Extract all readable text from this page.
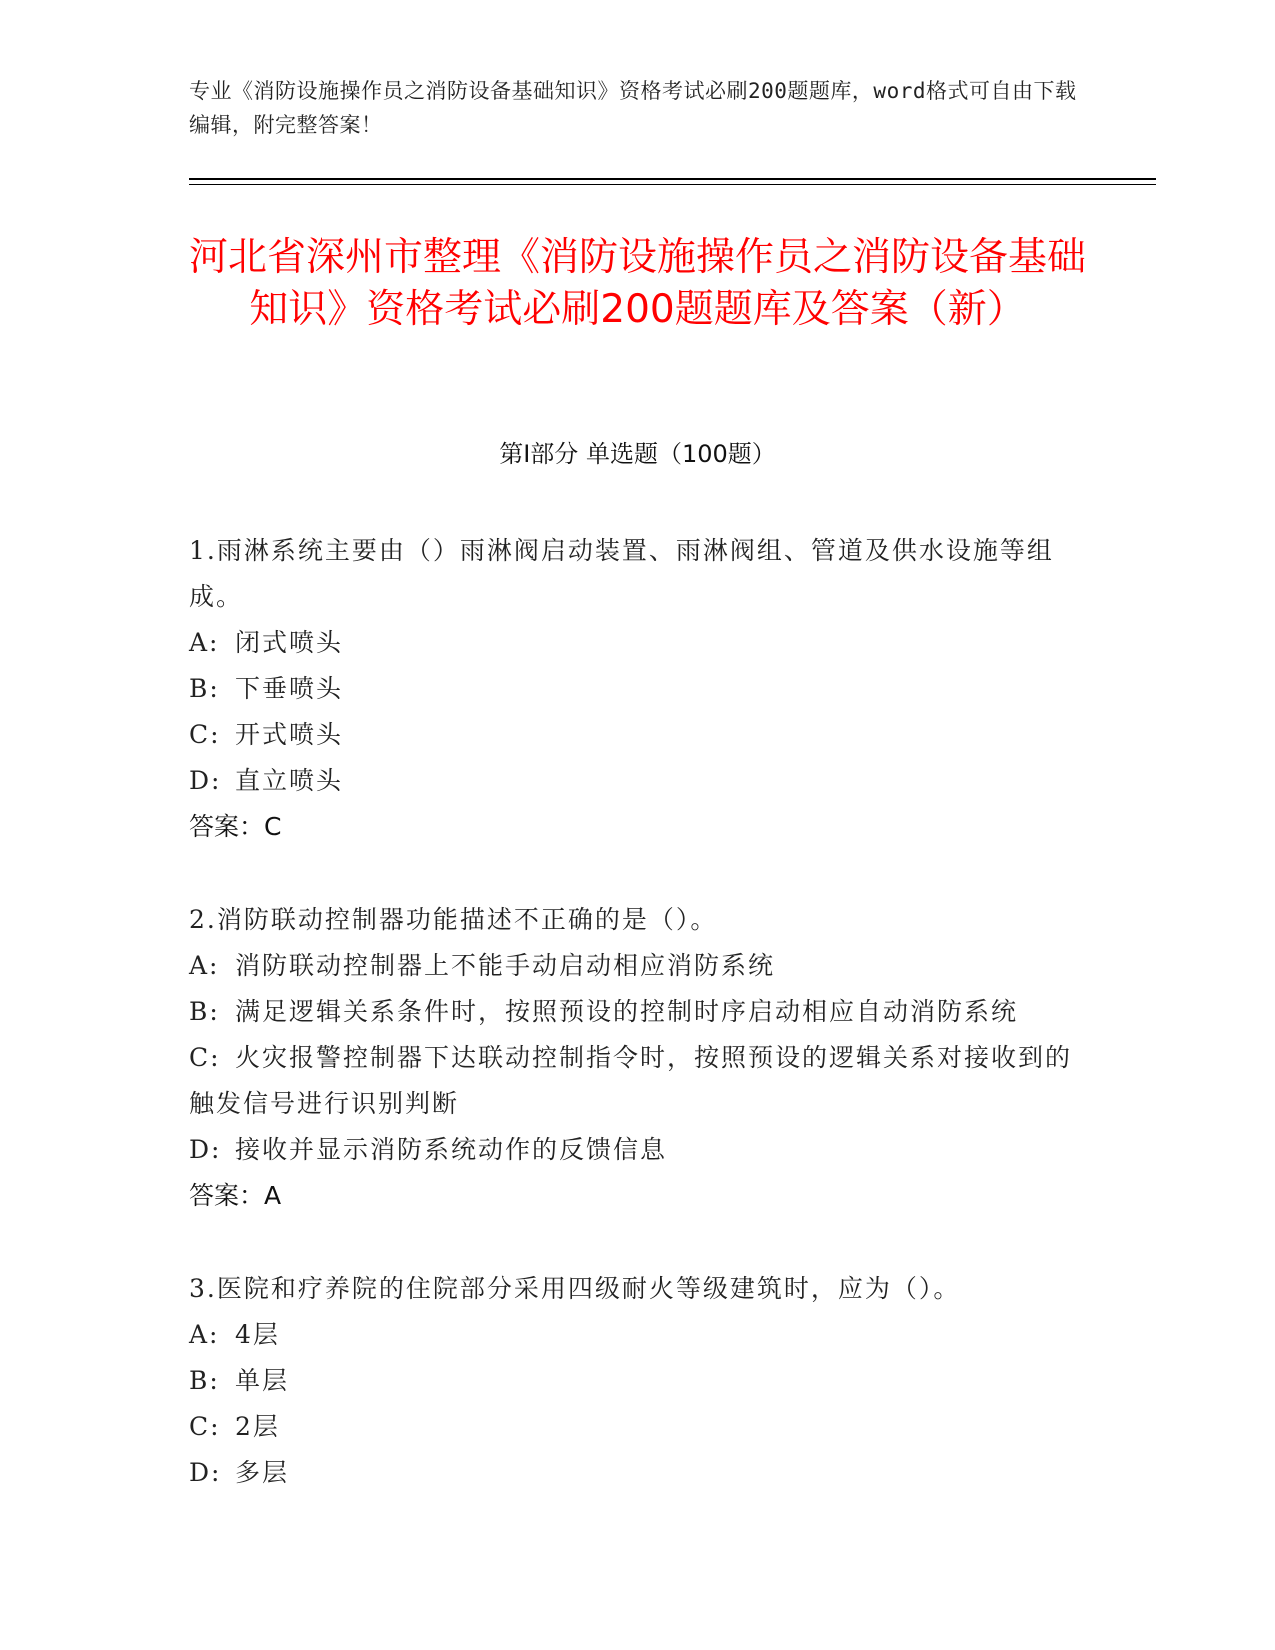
专业《消防设施操作员之消防设备基础知识》资格考试必刷200题题库，word格式可自由下载编辑，附完整答案！
河北省深州市整理《消防设施操作员之消防设备基础知识》资格考试必刷200题题库及答案（新）
第Ⅰ部分 单选题（100题）
1.雨淋系统主要由（）雨淋阀启动装置、雨淋阀组、管道及供水设施等组成。
A: 闭式喷头
B: 下垂喷头
C: 开式喷头
D: 直立喷头
答案：C
2.消防联动控制器功能描述不正确的是（）。
A: 消防联动控制器上不能手动启动相应消防系统
B: 满足逻辑关系条件时，按照预设的控制时序启动相应自动消防系统
C: 火灾报警控制器下达联动控制指令时，按照预设的逻辑关系对接收到的触发信号进行识别判断
D: 接收并显示消防系统动作的反馈信息
答案：A
3.医院和疗养院的住院部分采用四级耐火等级建筑时，应为（）。
A: 4层
B: 单层
C: 2层
D: 多层
